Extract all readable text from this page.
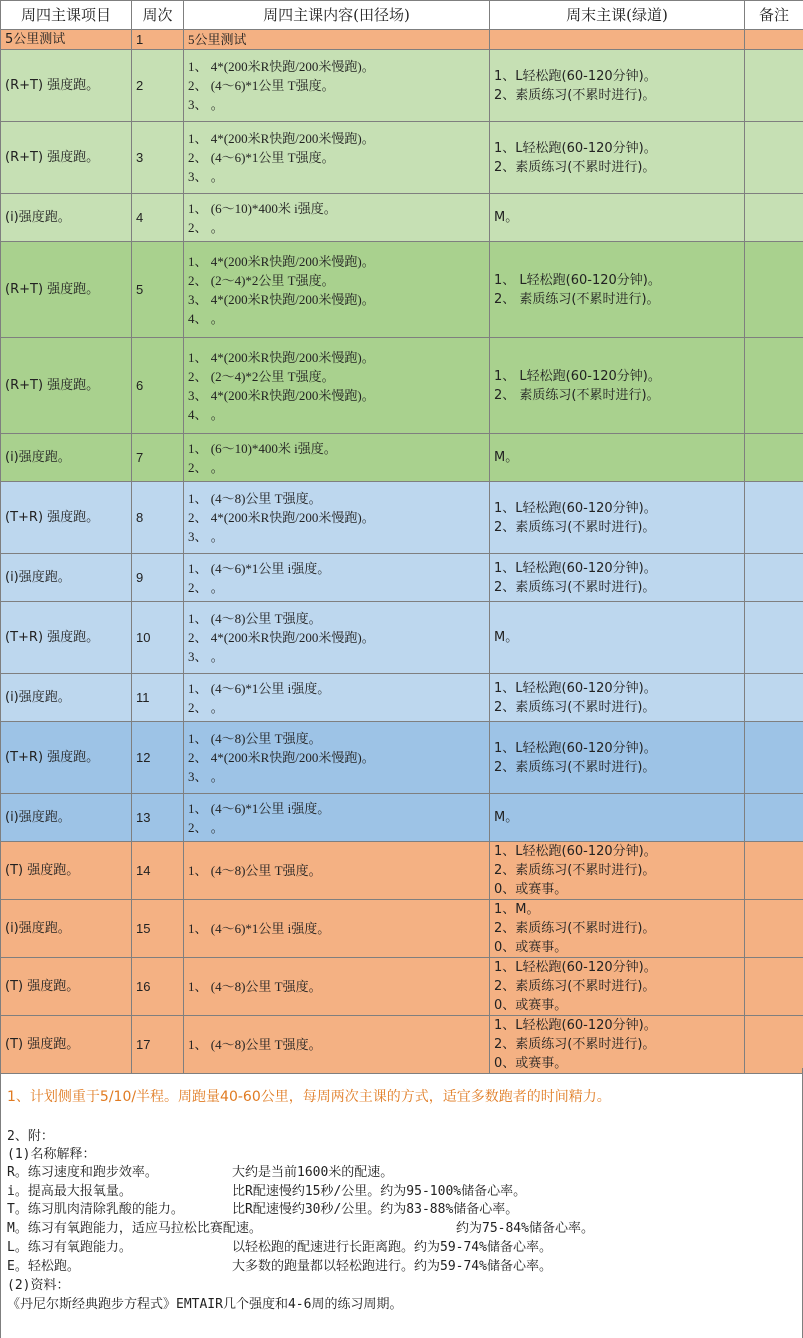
周四主课项目	周次	周四主课内容(田径场)	周末主课(绿道)	备注
5公里测试	1	5公里测试		

(R+T) 强度跑。	2	1、 4*(200米R快跑/200米慢跑)。
2、 (4～6)*1公里 T强度。
3、 。	1、L轻松跑(60-120分钟)。
2、素质练习(不累时进行)。	

(R+T) 强度跑。	3	1、 4*(200米R快跑/200米慢跑)。
2、 (4～6)*1公里 T强度。
3、 。	1、L轻松跑(60-120分钟)。
2、素质练习(不累时进行)。	

(i)强度跑。	4	1、 (6～10)*400米 i强度。
2、 。	M。	

(R+T) 强度跑。	5	1、 4*(200米R快跑/200米慢跑)。
2、 (2～4)*2公里 T强度。
3、 4*(200米R快跑/200米慢跑)。
4、 。	1、 L轻松跑(60-120分钟)。
2、 素质练习(不累时进行)。	

(R+T) 强度跑。	6	1、 4*(200米R快跑/200米慢跑)。
2、 (2～4)*2公里 T强度。
3、 4*(200米R快跑/200米慢跑)。
4、 。	1、 L轻松跑(60-120分钟)。
2、 素质练习(不累时进行)。	

(i)强度跑。	7	1、 (6～10)*400米 i强度。
2、 。	M。	

(T+R) 强度跑。	8	1、 (4～8)公里 T强度。
2、 4*(200米R快跑/200米慢跑)。
3、 。	1、L轻松跑(60-120分钟)。
2、素质练习(不累时进行)。	

(i)强度跑。	9	1、 (4～6)*1公里 i强度。
2、 。	1、L轻松跑(60-120分钟)。
2、素质练习(不累时进行)。	

(T+R) 强度跑。	10	1、 (4～8)公里 T强度。
2、 4*(200米R快跑/200米慢跑)。
3、 。	M。	

(i)强度跑。	11	1、 (4～6)*1公里 i强度。
2、 。	1、L轻松跑(60-120分钟)。
2、素质练习(不累时进行)。	

(T+R) 强度跑。	12	1、 (4～8)公里 T强度。
2、 4*(200米R快跑/200米慢跑)。
3、 。	1、L轻松跑(60-120分钟)。
2、素质练习(不累时进行)。	

(i)强度跑。	13	1、 (4～6)*1公里 i强度。
2、 。	M。	

(T) 强度跑。	14	1、 (4～8)公里 T强度。	1、L轻松跑(60-120分钟)。
2、素质练习(不累时进行)。
0、或赛事。	

(i)强度跑。	15	1、 (4～6)*1公里 i强度。	1、M。
2、素质练习(不累时进行)。
0、或赛事。	

(T) 强度跑。	16	1、 (4～8)公里 T强度。	1、L轻松跑(60-120分钟)。
2、素质练习(不累时进行)。
0、或赛事。	

(T) 强度跑。	17	1、 (4～8)公里 T强度。	1、L轻松跑(60-120分钟)。
2、素质练习(不累时进行)。
0、或赛事。	

1、计划侧重于5/10/半程。周跑量40-60公里，每周两次主课的方式，适宜多数跑者的时间精力。
2、附：
(1)名称解释：
R。练习速度和跑步效率。	大约是当前1600米的配速。
i。提高最大报氧量。	比R配速慢约15秒/公里。约为95-100%储备心率。
T。练习肌肉清除乳酸的能力。	比R配速慢约30秒/公里。约为83-88%储备心率。
M。练习有氧跑能力，适应马拉松比赛配速。	约为75-84%储备心率。
L。练习有氧跑能力。	以轻松跑的配速进行长距离跑。约为59-74%储备心率。
E。轻松跑。	大多数的跑量都以轻松跑进行。约为59-74%储备心率。
(2)资料：
《丹尼尔斯经典跑步方程式》EMTAIR几个强度和4-6周的练习周期。
